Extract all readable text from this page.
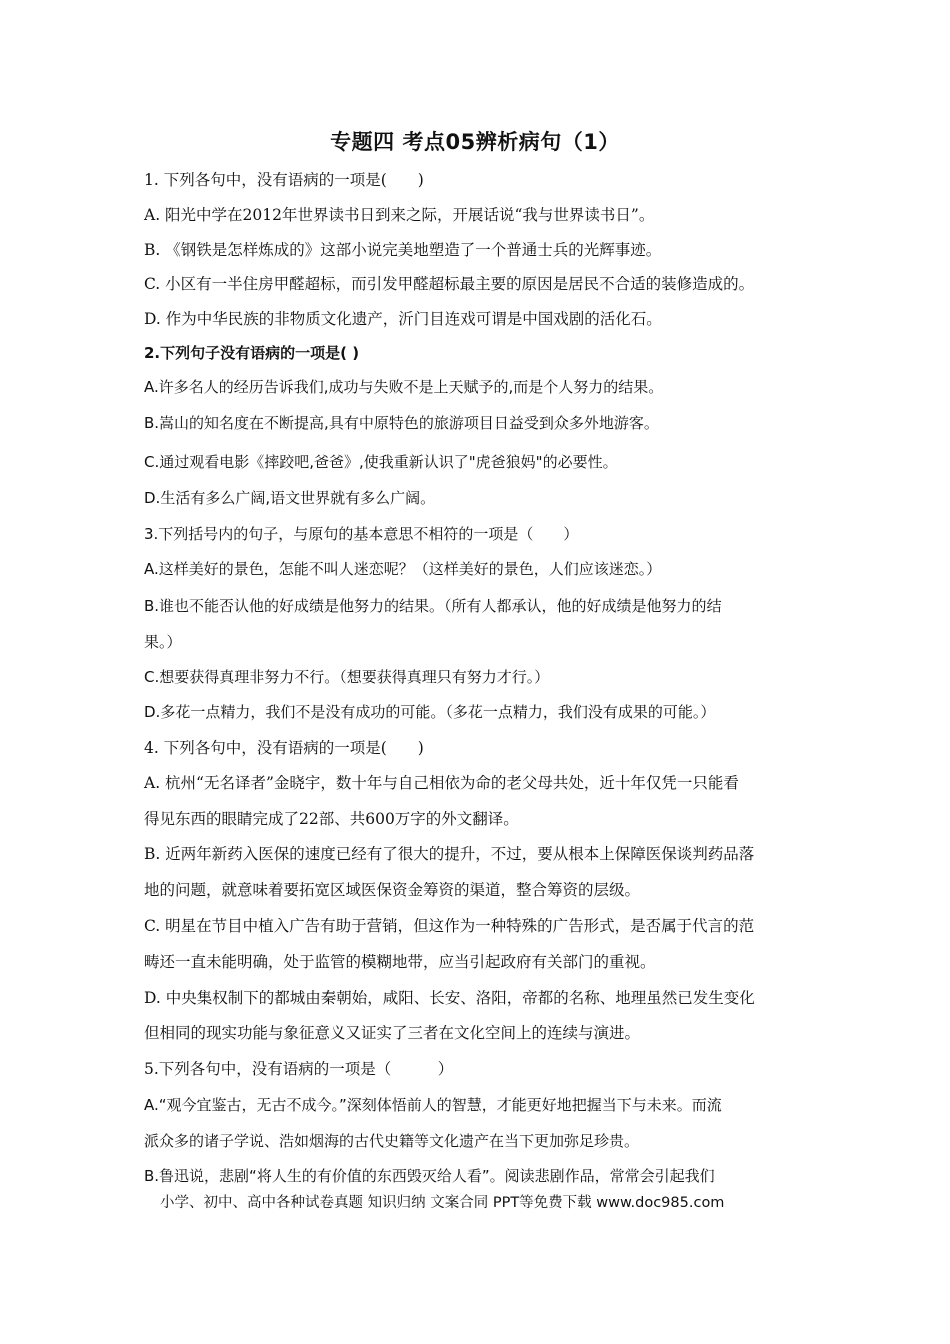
专题四 考点05辨析病句（1）
1. 下列各句中，没有语病的一项是(　　)
A. 阳光中学在2012年世界读书日到来之际，开展话说“我与世界读书日”。
B. 《钢铁是怎样炼成的》这部小说完美地塑造了一个普通士兵的光辉事迹。
C. 小区有一半住房甲醛超标，而引发甲醛超标最主要的原因是居民不合适的装修造成的。
D. 作为中华民族的非物质文化遗产，沂门目连戏可谓是中国戏剧的活化石。
2.下列句子没有语病的一项是( )
A.许多名人的经历告诉我们,成功与失败不是上天赋予的,而是个人努力的结果。
B.嵩山的知名度在不断提高,具有中原特色的旅游项目日益受到众多外地游客。
C.通过观看电影《摔跤吧,爸爸》,使我重新认识了"虎爸狼妈"的必要性。
D.生活有多么广阔,语文世界就有多么广阔。
3.下列括号内的句子，与原句的基本意思不相符的一项是（　　）
A.这样美好的景色，怎能不叫人迷恋呢？（这样美好的景色，人们应该迷恋。）
B.谁也不能否认他的好成绩是他努力的结果。（所有人都承认，他的好成绩是他努力的结
果。）
C.想要获得真理非努力不行。（想要获得真理只有努力才行。）
D.多花一点精力，我们不是没有成功的可能。（多花一点精力，我们没有成果的可能。）
4. 下列各句中，没有语病的一项是(　　)
A. 杭州“无名译者”金晓宇，数十年与自己相依为命的老父母共处，近十年仅凭一只能看
得见东西的眼睛完成了22部、共600万字的外文翻译。
B. 近两年新药入医保的速度已经有了很大的提升，不过，要从根本上保障医保谈判药品落
地的问题，就意味着要拓宽区域医保资金筹资的渠道，整合筹资的层级。
C. 明星在节目中植入广告有助于营销，但这作为一种特殊的广告形式，是否属于代言的范
畴还一直未能明确，处于监管的模糊地带，应当引起政府有关部门的重视。
D. 中央集权制下的都城由秦朝始，咸阳、长安、洛阳，帝都的名称、地理虽然已发生变化
但相同的现实功能与象征意义又证实了三者在文化空间上的连续与演进。
5.下列各句中，没有语病的一项是（　　　）
A.“观今宜鉴古，无古不成今。”深刻体悟前人的智慧，才能更好地把握当下与未来。而流
派众多的诸子学说、浩如烟海的古代史籍等文化遗产在当下更加弥足珍贵。
B.鲁迅说，悲剧“将人生的有价值的东西毁灭给人看”。阅读悲剧作品，常常会引起我们
小学、初中、高中各种试卷真题 知识归纳 文案合同 PPT等免费下载 www.doc985.com
